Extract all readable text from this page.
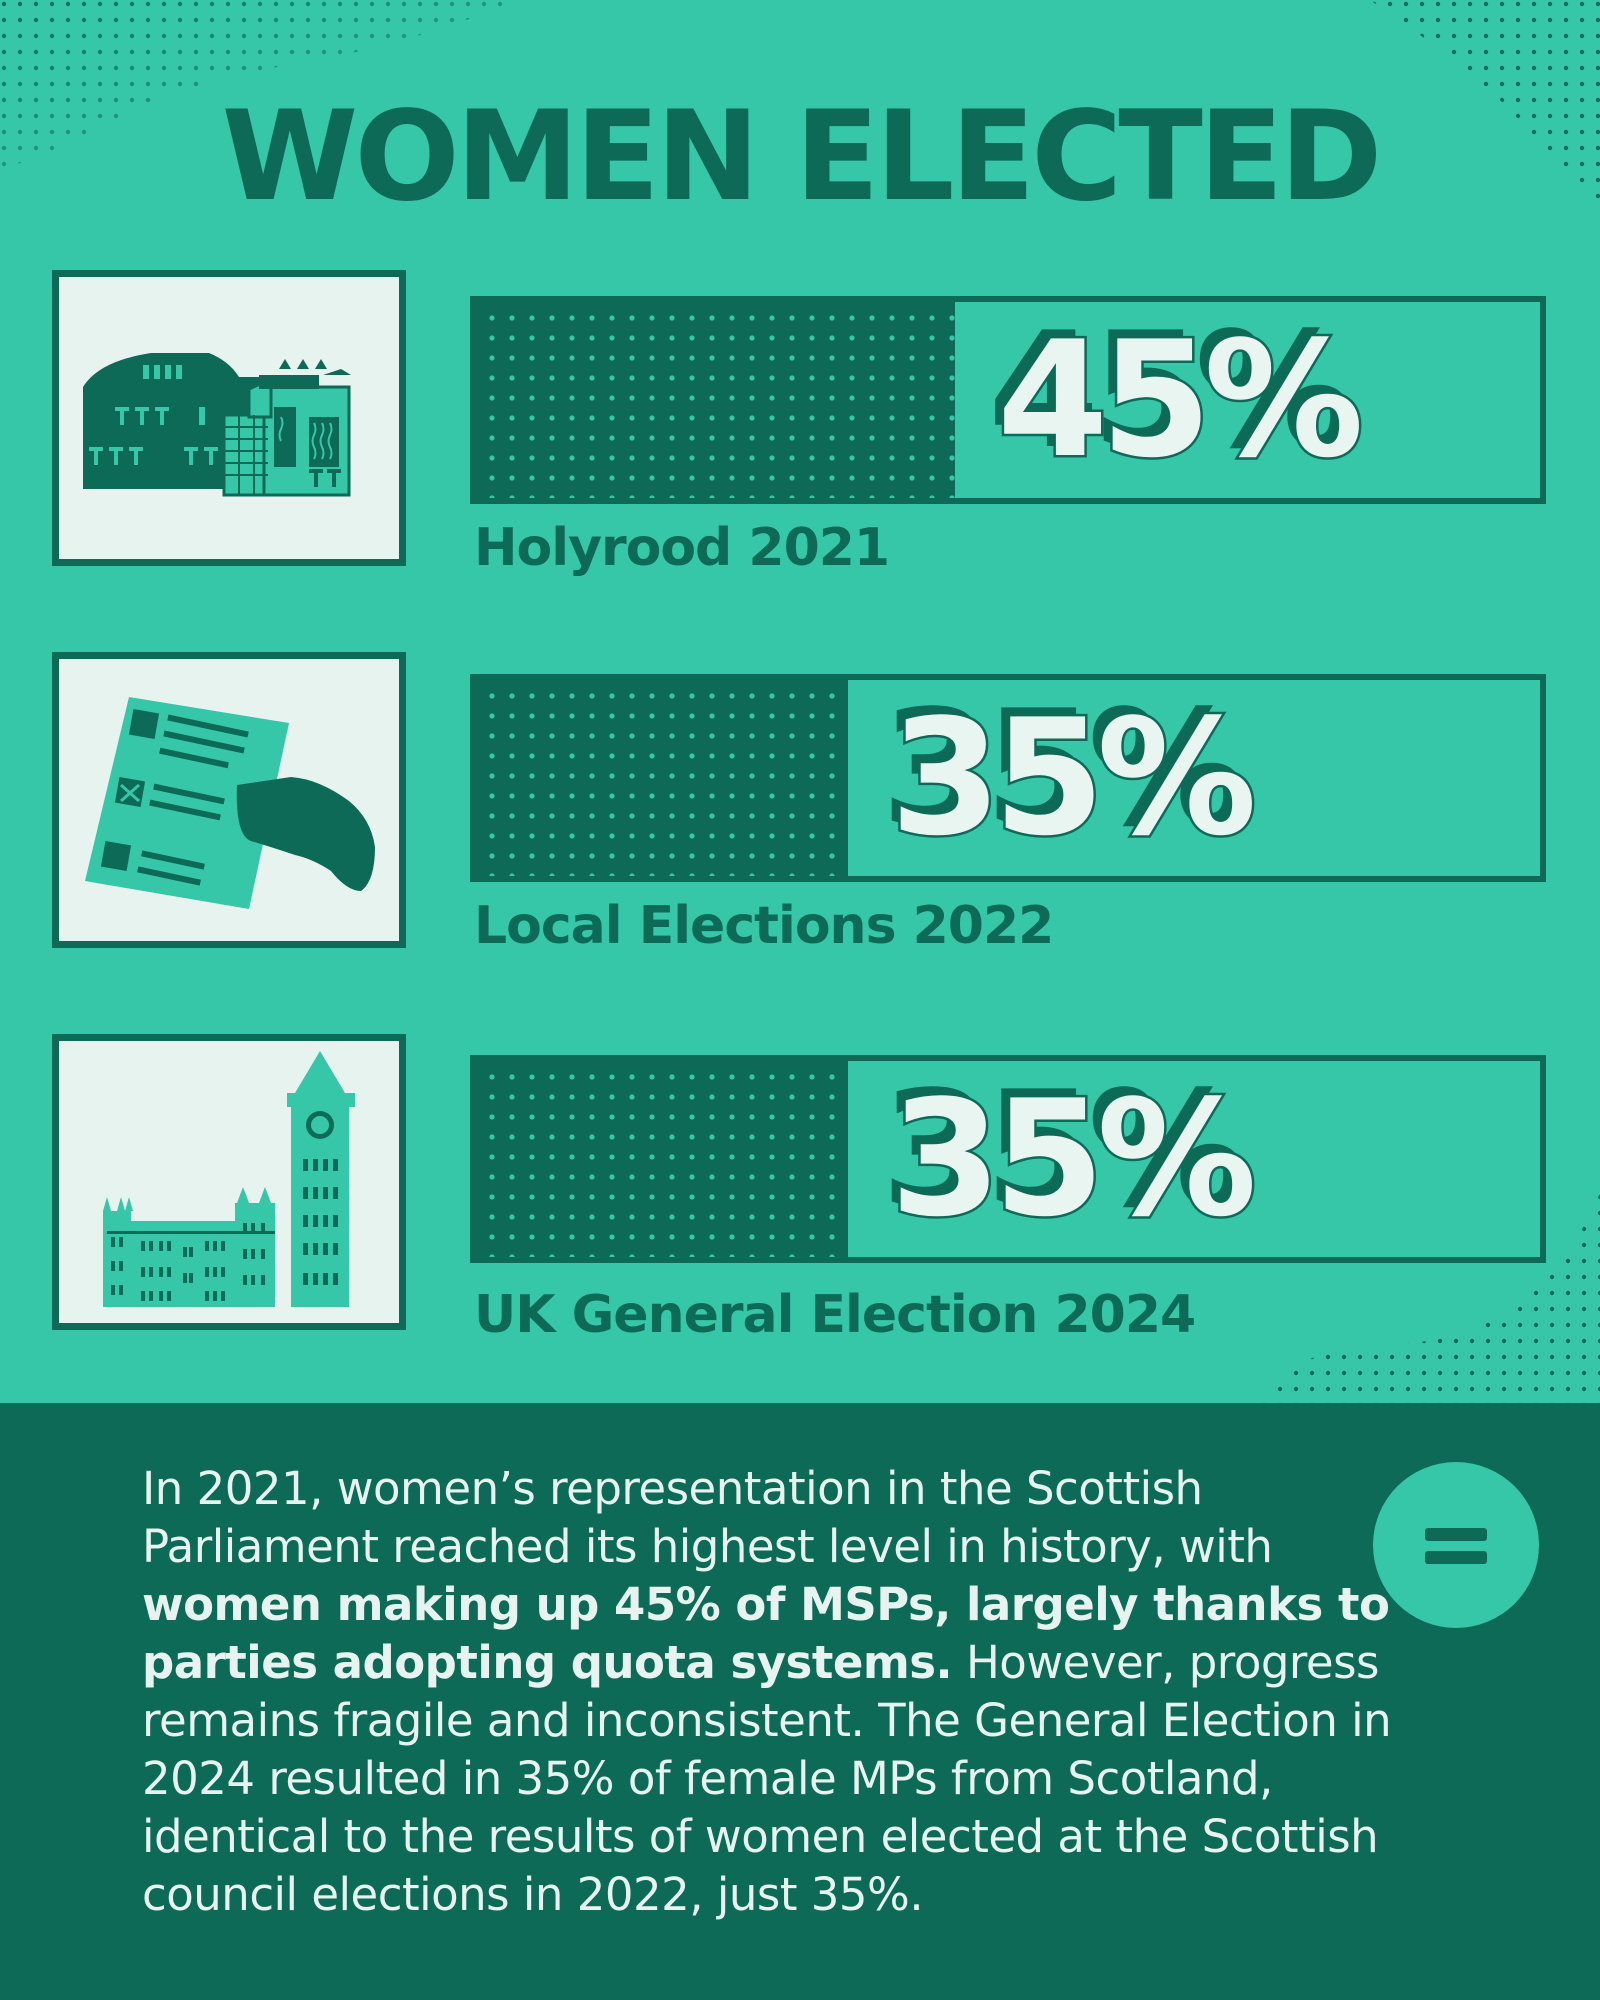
WOMEN ELECTED
45%
Holyrood 2021
35%
Local Elections 2022
35%
UK General Election 2024

In 2021, women’s representation in the Scottish Parliament reached its highest level in history, with women making up 45% of MSPs, largely thanks to parties adopting quota systems. However, progress remains fragile and inconsistent. The General Election in 2024 resulted in 35% of female MPs from Scotland, identical to the results of women elected at the Scottish council elections in 2022, just 35%.
